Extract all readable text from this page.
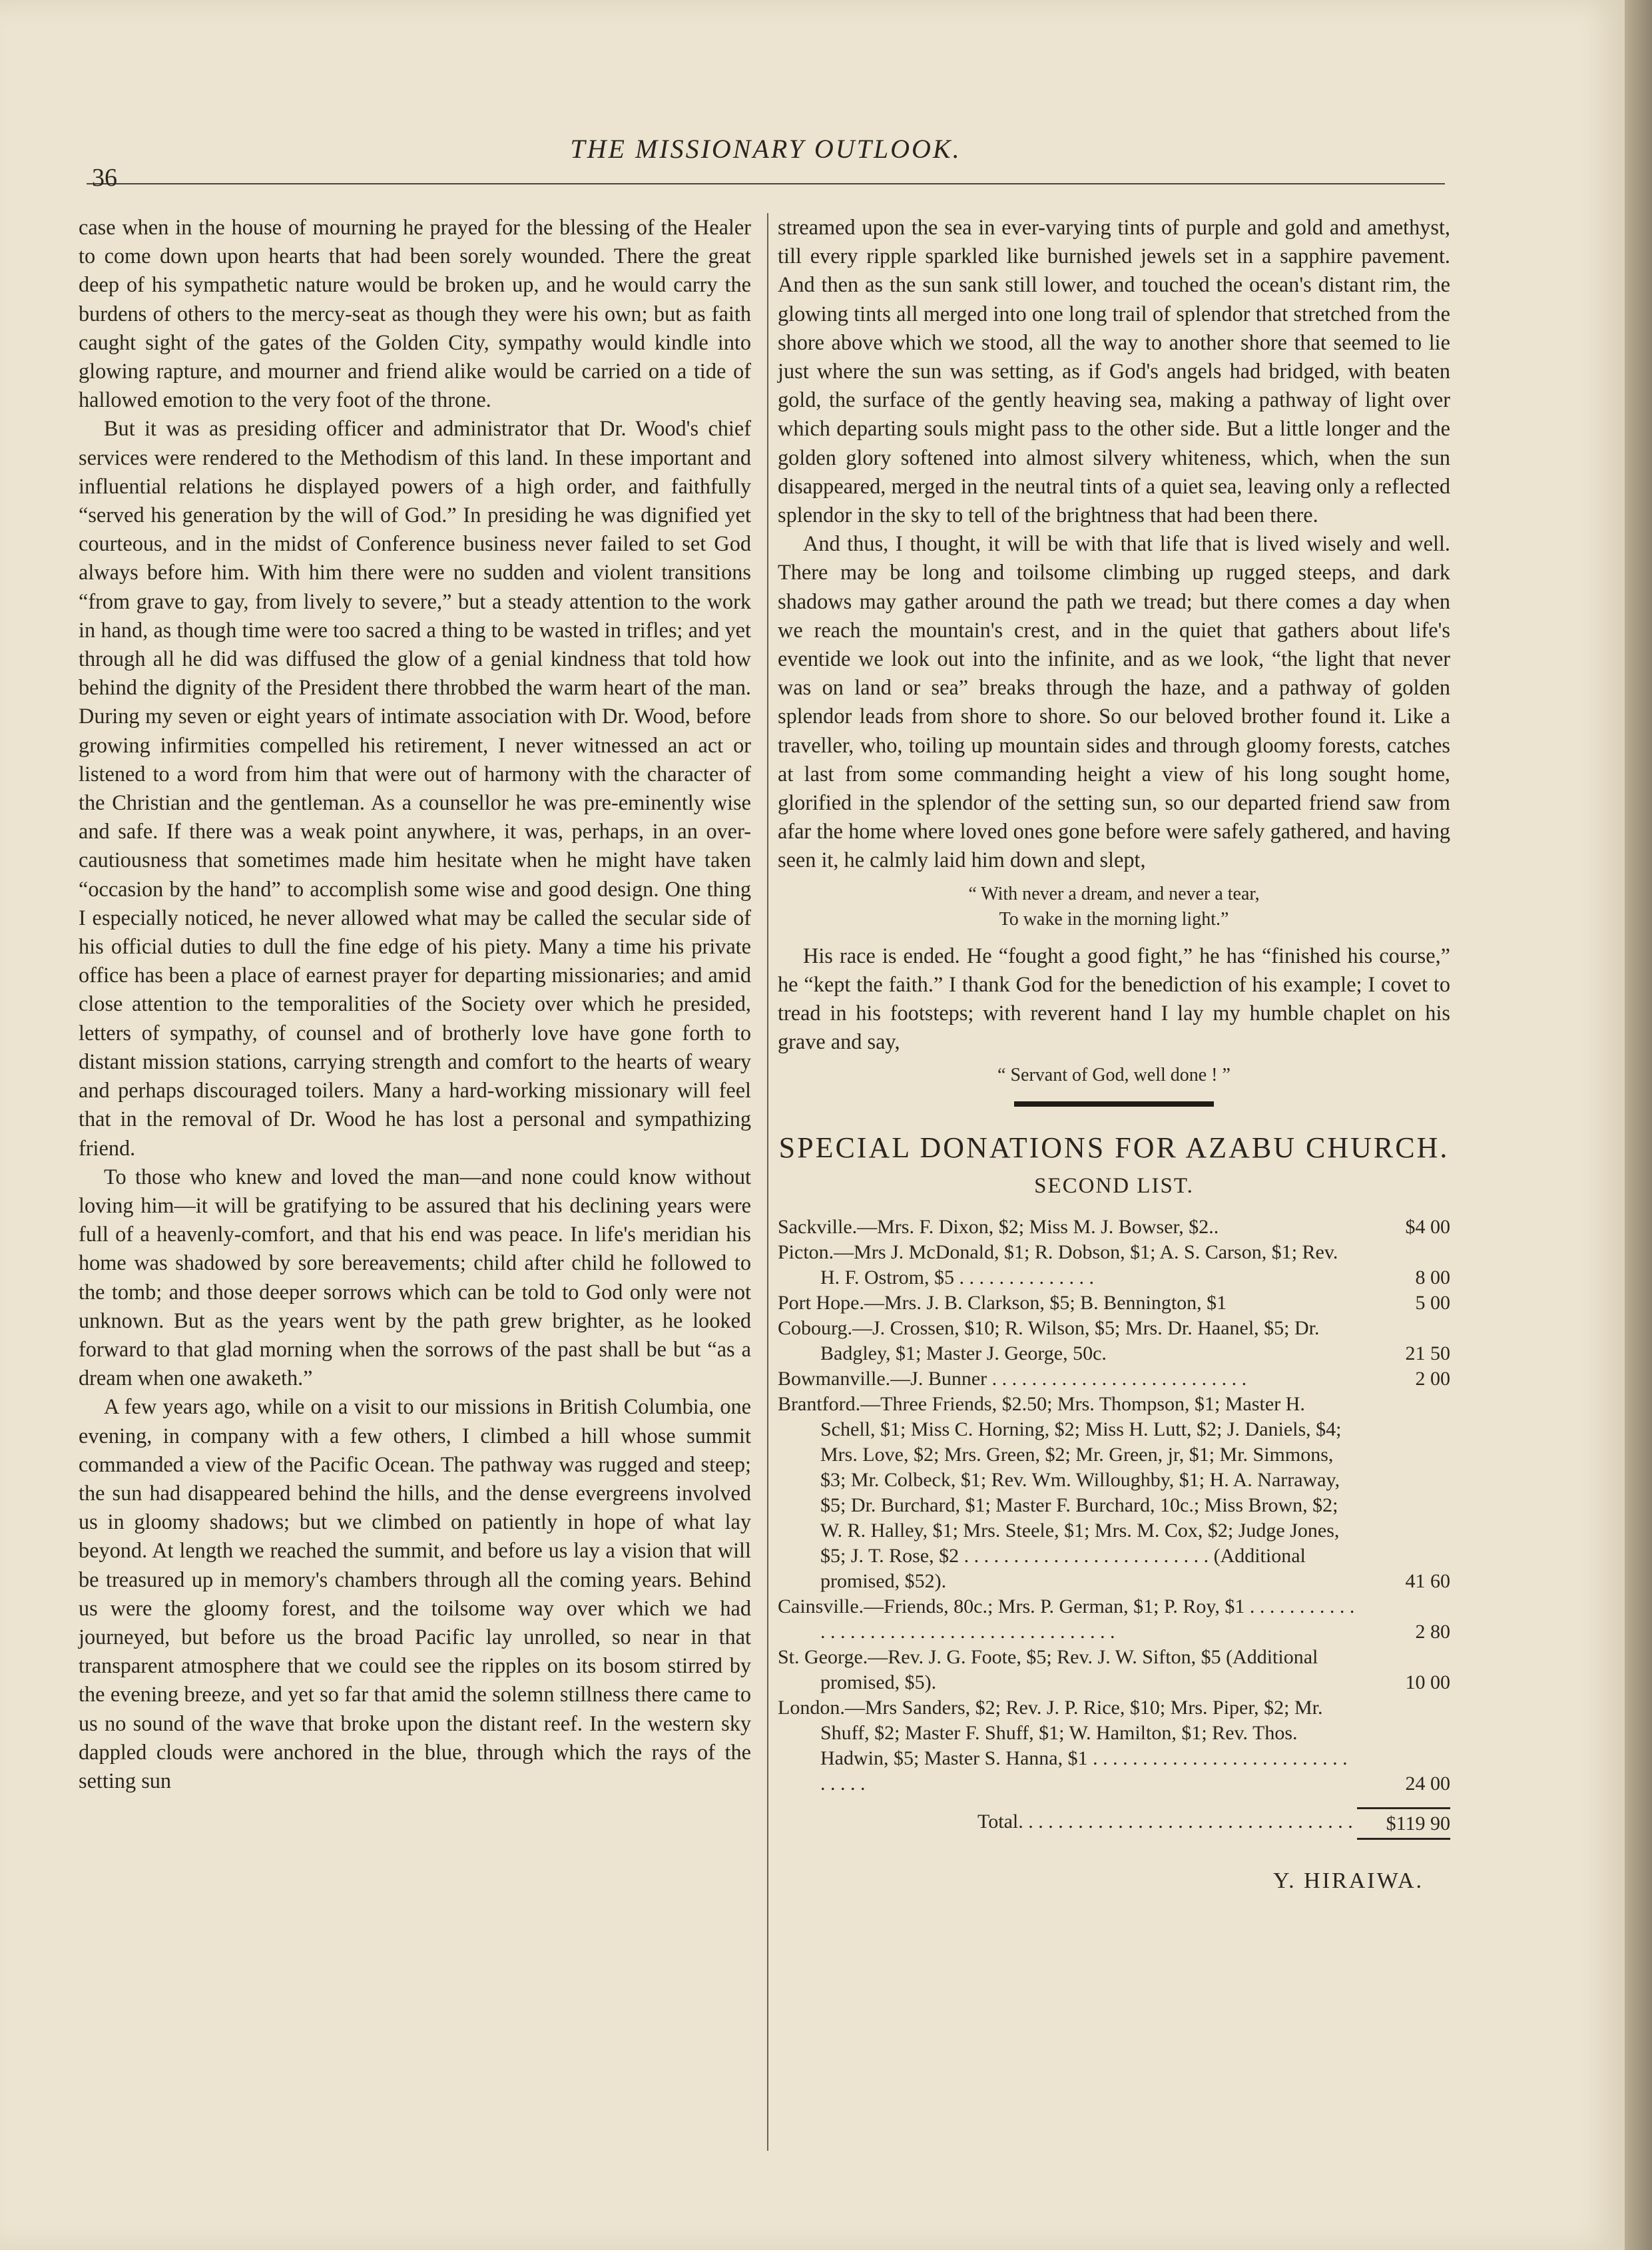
36
THE MISSIONARY OUTLOOK.

case when in the house of mourning he prayed for the blessing of the Healer to come down upon hearts that had been sorely wounded. There the great deep of his sympathetic nature would be broken up, and he would carry the burdens of others to the mercy-seat as though they were his own; but as faith caught sight of the gates of the Golden City, sympathy would kindle into glowing rapture, and mourner and friend alike would be carried on a tide of hallowed emotion to the very foot of the throne.

But it was as presiding officer and administrator that Dr. Wood's chief services were rendered to the Methodism of this land. In these important and influential relations he displayed powers of a high order, and faithfully “served his generation by the will of God.” In presiding he was dignified yet courteous, and in the midst of Conference business never failed to set God always before him. With him there were no sudden and violent transitions “from grave to gay, from lively to severe,” but a steady attention to the work in hand, as though time were too sacred a thing to be wasted in trifles; and yet through all he did was diffused the glow of a genial kindness that told how behind the dignity of the President there throbbed the warm heart of the man. During my seven or eight years of intimate association with Dr. Wood, before growing infirmities compelled his retirement, I never witnessed an act or listened to a word from him that were out of harmony with the character of the Christian and the gentleman. As a counsellor he was pre-eminently wise and safe. If there was a weak point anywhere, it was, perhaps, in an over-cautiousness that sometimes made him hesitate when he might have taken “occasion by the hand” to accomplish some wise and good design. One thing I especially noticed, he never allowed what may be called the secular side of his official duties to dull the fine edge of his piety. Many a time his private office has been a place of earnest prayer for departing missionaries; and amid close attention to the temporalities of the Society over which he presided, letters of sympathy, of counsel and of brotherly love have gone forth to distant mission stations, carrying strength and comfort to the hearts of weary and perhaps discouraged toilers. Many a hard-working missionary will feel that in the removal of Dr. Wood he has lost a personal and sympathizing friend.

To those who knew and loved the man—and none could know without loving him—it will be gratifying to be assured that his declining years were full of a heavenly-comfort, and that his end was peace. In life's meridian his home was shadowed by sore bereavements; child after child he followed to the tomb; and those deeper sorrows which can be told to God only were not unknown. But as the years went by the path grew brighter, as he looked forward to that glad morning when the sorrows of the past shall be but “as a dream when one awaketh.”

A few years ago, while on a visit to our missions in British Columbia, one evening, in company with a few others, I climbed a hill whose summit commanded a view of the Pacific Ocean. The pathway was rugged and steep; the sun had disappeared behind the hills, and the dense evergreens involved us in gloomy shadows; but we climbed on patiently in hope of what lay beyond. At length we reached the summit, and before us lay a vision that will be treasured up in memory's chambers through all the coming years. Behind us were the gloomy forest, and the toilsome way over which we had journeyed, but before us the broad Pacific lay unrolled, so near in that transparent atmosphere that we could see the ripples on its bosom stirred by the evening breeze, and yet so far that amid the solemn stillness there came to us no sound of the wave that broke upon the distant reef. In the western sky dappled clouds were anchored in the blue, through which the rays of the setting sun

streamed upon the sea in ever-varying tints of purple and gold and amethyst, till every ripple sparkled like burnished jewels set in a sapphire pavement. And then as the sun sank still lower, and touched the ocean's distant rim, the glowing tints all merged into one long trail of splendor that stretched from the shore above which we stood, all the way to another shore that seemed to lie just where the sun was setting, as if God's angels had bridged, with beaten gold, the surface of the gently heaving sea, making a pathway of light over which departing souls might pass to the other side. But a little longer and the golden glory softened into almost silvery whiteness, which, when the sun disappeared, merged in the neutral tints of a quiet sea, leaving only a reflected splendor in the sky to tell of the brightness that had been there.

And thus, I thought, it will be with that life that is lived wisely and well. There may be long and toilsome climbing up rugged steeps, and dark shadows may gather around the path we tread; but there comes a day when we reach the mountain's crest, and in the quiet that gathers about life's eventide we look out into the infinite, and as we look, “the light that never was on land or sea” breaks through the haze, and a pathway of golden splendor leads from shore to shore. So our beloved brother found it. Like a traveller, who, toiling up mountain sides and through gloomy forests, catches at last from some commanding height a view of his long sought home, glorified in the splendor of the setting sun, so our departed friend saw from afar the home where loved ones gone before were safely gathered, and having seen it, he calmly laid him down and slept,

“ With never a dream, and never a tear,
To wake in the morning light.”

His race is ended. He “fought a good fight,” he has “finished his course,” he “kept the faith.” I thank God for the benediction of his example; I covet to tread in his footsteps; with reverent hand I lay my humble chaplet on his grave and say,

“ Servant of God, well done ! ”
SPECIAL DONATIONS FOR AZABU CHURCH.
SECOND LIST.
Sackville.—Mrs. F. Dixon, $2; Miss M. J. Bowser, $2..	$4 00
Picton.—Mrs J. McDonald, $1; R. Dobson, $1; A. S. Carson, $1; Rev. H. F. Ostrom, $5 . . . . . . . . . . . . . .	8 00
Port Hope.—Mrs. J. B. Clarkson, $5; B. Bennington, $1	5 00
Cobourg.—J. Crossen, $10; R. Wilson, $5; Mrs. Dr. Haanel, $5; Dr. Badgley, $1; Master J. George, 50c.	21 50
Bowmanville.—J. Bunner . . . . . . . . . . . . . . . . . . . . . . . . . .	2 00
Brantford.—Three Friends, $2.50; Mrs. Thompson, $1; Master H. Schell, $1; Miss C. Horning, $2; Miss H. Lutt, $2; J. Daniels, $4; Mrs. Love, $2; Mrs. Green, $2; Mr. Green, jr, $1; Mr. Simmons, $3; Mr. Colbeck, $1; Rev. Wm. Willoughby, $1; H. A. Narraway, $5; Dr. Burchard, $1; Master F. Burchard, 10c.; Miss Brown, $2; W. R. Halley, $1; Mrs. Steele, $1; Mrs. M. Cox, $2; Judge Jones, $5; J. T. Rose, $2 . . . . . . . . . . . . . . . . . . . . . . . . . (Additional promised, $52).	41 60
Cainsville.—Friends, 80c.; Mrs. P. German, $1; P. Roy, $1 . . . . . . . . . . . . . . . . . . . . . . . . . . . . . . . . . . . . . . . . .	2 80
St. George.—Rev. J. G. Foote, $5; Rev. J. W. Sifton, $5 (Additional promised, $5).	10 00
London.—Mrs Sanders, $2; Rev. J. P. Rice, $10; Mrs. Piper, $2; Mr. Shuff, $2; Master F. Shuff, $1; W. Hamilton, $1; Rev. Thos. Hadwin, $5; Master S. Hanna, $1 . . . . . . . . . . . . . . . . . . . . . . . . . . . . . . .	24 00
Total. . . . . . . . . . . . . . . . . . . . . . . . . . . . . . . . . .	$119 90
Y. HIRAIWA.
